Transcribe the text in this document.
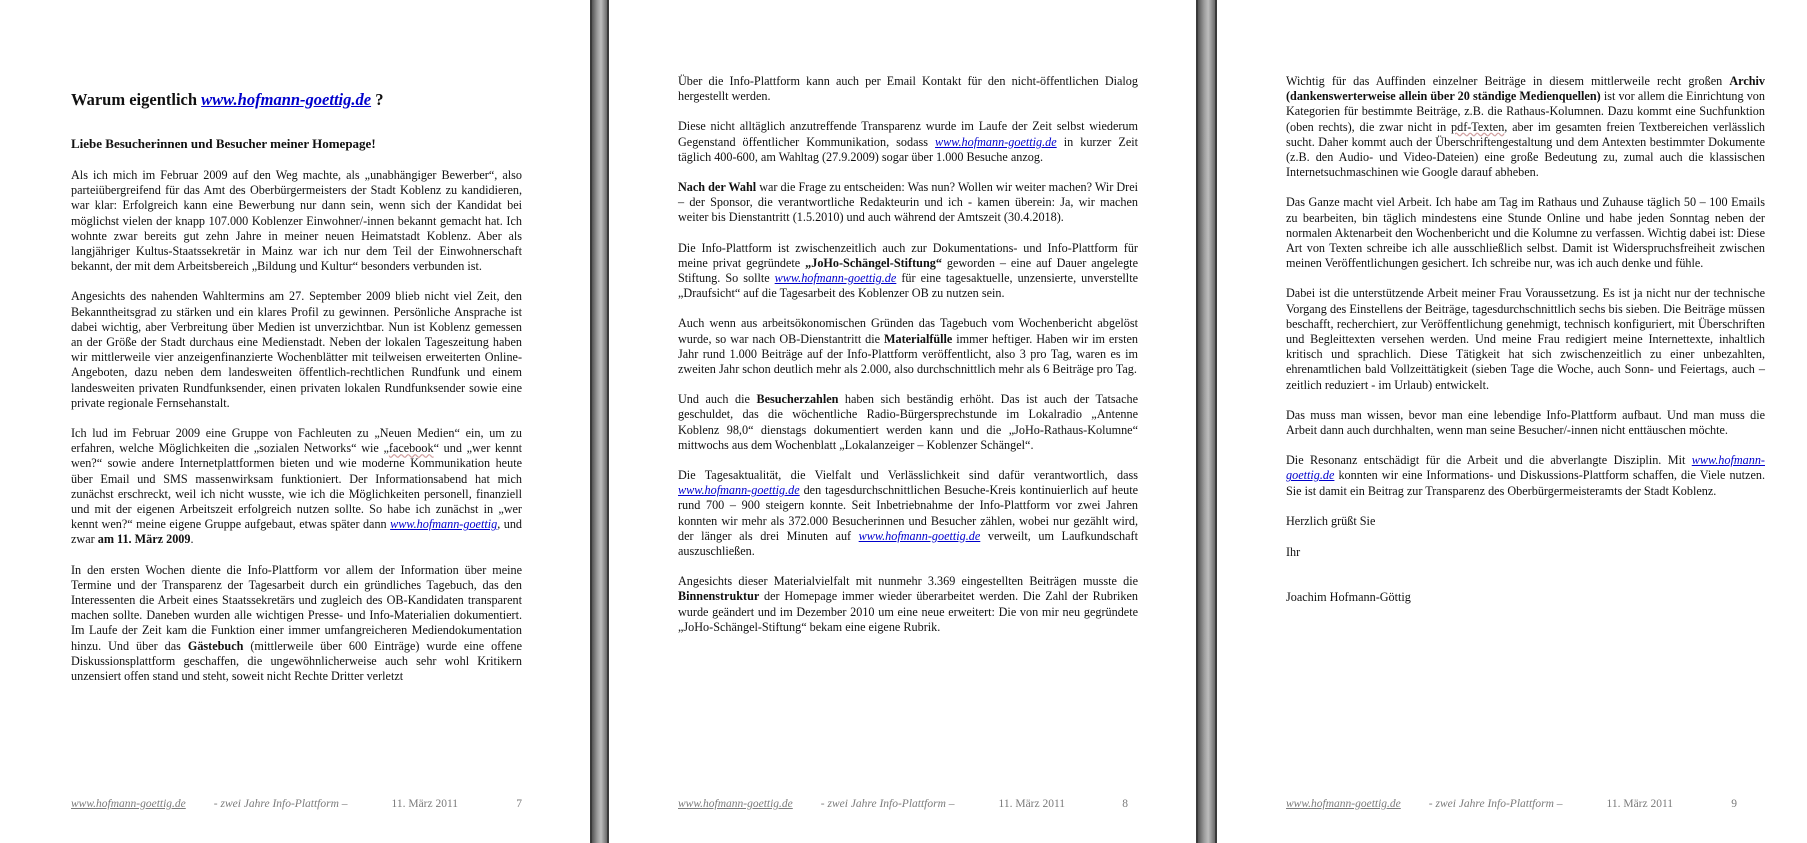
Warum eigentlich www.hofmann-goettig.de ?
Liebe Besucherinnen und Besucher meiner Homepage!

Als ich mich im Februar 2009 auf den Weg machte, als „unabhängiger Bewerber“, also parteiübergreifend für das Amt des Oberbürgermeisters der Stadt Koblenz zu kandidieren, war klar: Erfolgreich kann eine Bewerbung nur dann sein, wenn sich der Kandidat bei möglichst vielen der knapp 107.000 Koblenzer Einwohner/-innen bekannt gemacht hat. Ich wohnte zwar bereits gut zehn Jahre in meiner neuen Heimatstadt Koblenz. Aber als langjähriger Kultus-Staatssekretär in Mainz war ich nur dem Teil der Einwohnerschaft bekannt, der mit dem Arbeitsbereich „Bildung und Kultur“ besonders verbunden ist.

Angesichts des nahenden Wahltermins am 27. September 2009 blieb nicht viel Zeit, den Bekanntheitsgrad zu stärken und ein klares Profil zu gewinnen. Persönliche Ansprache ist dabei wichtig, aber Verbreitung über Medien ist unverzichtbar. Nun ist Koblenz gemessen an der Größe der Stadt durchaus eine Medienstadt. Neben der lokalen Tageszeitung haben wir mittlerweile vier anzeigenfinanzierte Wochenblätter mit teilweisen erweiterten Online-Angeboten, dazu neben dem landesweiten öffentlich-rechtlichen Rundfunk und einem landesweiten privaten Rundfunksender, einen privaten lokalen Rundfunksender sowie eine private regionale Fernsehanstalt.

Ich lud im Februar 2009 eine Gruppe von Fachleuten zu „Neuen Medien“ ein, um zu erfahren, welche Möglichkeiten die „sozialen Networks“ wie „facebook“ und „wer kennt wen?“ sowie andere Internetplattformen bieten und wie moderne Kommunikation heute über Email und SMS massenwirksam funktioniert. Der Informationsabend hat mich zunächst erschreckt, weil ich nicht wusste, wie ich die Möglichkeiten personell, finanziell und mit der eigenen Arbeitszeit erfolgreich nutzen sollte. So habe ich zunächst in „wer kennt wen?“ meine eigene Gruppe aufgebaut, etwas später dann www.hofmann-goettig, und zwar am 11. März 2009.

In den ersten Wochen diente die Info-Plattform vor allem der Information über meine Termine und der Transparenz der Tagesarbeit durch ein gründliches Tagebuch, das den Interessenten die Arbeit eines Staatssekretärs und zugleich des OB-Kandidaten transparent machen sollte. Daneben wurden alle wichtigen Presse- und Info-Materialien dokumentiert. Im Laufe der Zeit kam die Funktion einer immer umfangreicheren Mediendokumentation hinzu. Und über das Gästebuch (mittlerweile über 600 Einträge) wurde eine offene Diskussionsplattform geschaffen, die ungewöhnlicherweise auch sehr wohl Kritikern unzensiert offen stand und steht, soweit nicht Rechte Dritter verletzt

www.hofmann-goettig.de - zwei Jahre Info-Plattform –	11. März 2011	7

Über die Info-Plattform kann auch per Email Kontakt für den nicht-öffentlichen Dialog hergestellt werden.

Diese nicht alltäglich anzutreffende Transparenz wurde im Laufe der Zeit selbst wiederum Gegenstand öffentlicher Kommunikation, sodass www.hofmann-goettig.de in kurzer Zeit täglich 400-600, am Wahltag (27.9.2009) sogar über 1.000 Besuche anzog.

Nach der Wahl war die Frage zu entscheiden: Was nun? Wollen wir weiter machen? Wir Drei – der Sponsor, die verantwortliche Redakteurin und ich - kamen überein: Ja, wir machen weiter bis Dienstantritt (1.5.2010) und auch während der Amtszeit (30.4.2018).

Die Info-Plattform ist zwischenzeitlich auch zur Dokumentations- und Info-Plattform für meine privat gegründete „JoHo-Schängel-Stiftung“ geworden – eine auf Dauer angelegte Stiftung. So sollte www.hofmann-goettig.de für eine tagesaktuelle, unzensierte, unverstellte „Draufsicht“ auf die Tagesarbeit des Koblenzer OB zu nutzen sein.

Auch wenn aus arbeitsökonomischen Gründen das Tagebuch vom Wochenbericht abgelöst wurde, so war nach OB-Dienstantritt die Materialfülle immer heftiger. Haben wir im ersten Jahr rund 1.000 Beiträge auf der Info-Plattform veröffentlicht, also 3 pro Tag, waren es im zweiten Jahr schon deutlich mehr als 2.000, also durchschnittlich mehr als 6 Beiträge pro Tag.

Und auch die Besucherzahlen haben sich beständig erhöht. Das ist auch der Tatsache geschuldet, das die wöchentliche Radio-Bürgersprechstunde im Lokalradio „Antenne Koblenz 98,0“ dienstags dokumentiert werden kann und die „JoHo-Rathaus-Kolumne“ mittwochs aus dem Wochenblatt „Lokalanzeiger – Koblenzer Schängel“.

Die Tagesaktualität, die Vielfalt und Verlässlichkeit sind dafür verantwortlich, dass www.hofmann-goettig.de den tagesdurchschnittlichen Besuche-Kreis kontinuierlich auf heute rund 700 – 900 steigern konnte. Seit Inbetriebnahme der Info-Plattform vor zwei Jahren konnten wir mehr als 372.000 Besucherinnen und Besucher zählen, wobei nur gezählt wird, der länger als drei Minuten auf www.hofmann-goettig.de verweilt, um Laufkundschaft auszuschließen.

Angesichts dieser Materialvielfalt mit nunmehr 3.369 eingestellten Beiträgen musste die Binnenstruktur der Homepage immer wieder überarbeitet werden. Die Zahl der Rubriken wurde geändert und im Dezember 2010 um eine neue erweitert: Die von mir neu gegründete „JoHo-Schängel-Stiftung“ bekam eine eigene Rubrik.

www.hofmann-goettig.de - zwei Jahre Info-Plattform –	11. März 2011	8

Wichtig für das Auffinden einzelner Beiträge in diesem mittlerweile recht großen Archiv (dankenswerterweise allein über 20 ständige Medienquellen) ist vor allem die Einrichtung von Kategorien für bestimmte Beiträge, z.B. die Rathaus-Kolumnen. Dazu kommt eine Suchfunktion (oben rechts), die zwar nicht in pdf-Texten, aber im gesamten freien Textbereichen verlässlich sucht. Daher kommt auch der Überschriftengestaltung und dem Antexten bestimmter Dokumente (z.B. den Audio- und Video-Dateien) eine große Bedeutung zu, zumal auch die klassischen Internetsuchmaschinen wie Google darauf abheben.

Das Ganze macht viel Arbeit. Ich habe am Tag im Rathaus und Zuhause täglich 50 – 100 Emails zu bearbeiten, bin täglich mindestens eine Stunde Online und habe jeden Sonntag neben der normalen Aktenarbeit den Wochenbericht und die Kolumne zu verfassen. Wichtig dabei ist: Diese Art von Texten schreibe ich alle ausschließlich selbst. Damit ist Widerspruchsfreiheit zwischen meinen Veröffentlichungen gesichert. Ich schreibe nur, was ich auch denke und fühle.

Dabei ist die unterstützende Arbeit meiner Frau Voraussetzung. Es ist ja nicht nur der technische Vorgang des Einstellens der Beiträge, tagesdurchschnittlich sechs bis sieben. Die Beiträge müssen beschafft, recherchiert, zur Veröffentlichung genehmigt, technisch konfiguriert, mit Überschriften und Begleittexten versehen werden. Und meine Frau redigiert meine Internettexte, inhaltlich kritisch und sprachlich. Diese Tätigkeit hat sich zwischenzeitlich zu einer unbezahlten, ehrenamtlichen bald Vollzeittätigkeit (sieben Tage die Woche, auch Sonn- und Feiertags, auch – zeitlich reduziert - im Urlaub) entwickelt.

Das muss man wissen, bevor man eine lebendige Info-Plattform aufbaut. Und man muss die Arbeit dann auch durchhalten, wenn man seine Besucher/-innen nicht enttäuschen möchte.

Die Resonanz entschädigt für die Arbeit und die abverlangte Disziplin. Mit www.hofmann-goettig.de konnten wir eine Informations- und Diskussions-Plattform schaffen, die Viele nutzen. Sie ist damit ein Beitrag zur Transparenz des Oberbürgermeisteramts der Stadt Koblenz.

Herzlich grüßt Sie

Ihr

Joachim Hofmann-Göttig

www.hofmann-goettig.de - zwei Jahre Info-Plattform –	11. März 2011	9
